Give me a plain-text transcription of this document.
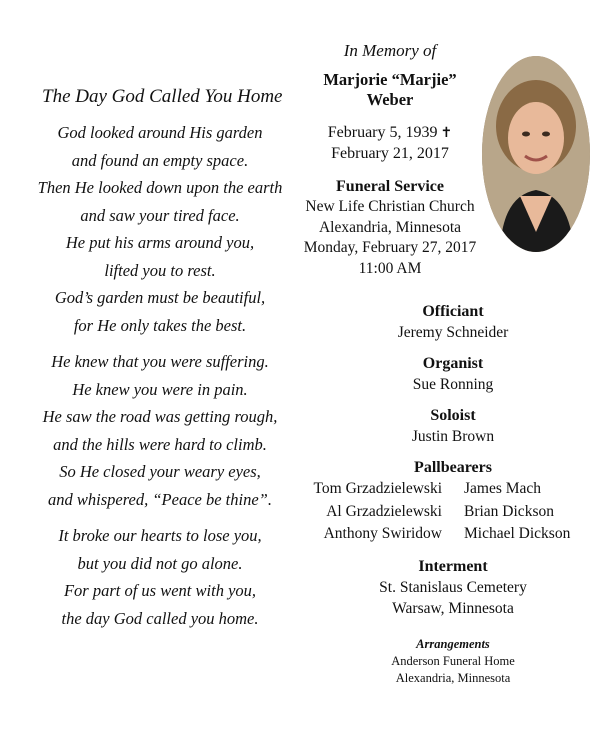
The Day God Called You Home
God looked around His garden
and found an empty space.
Then He looked down upon the earth
and saw your tired face.
He put his arms around you,
lifted you to rest.
God’s garden must be beautiful,
for He only takes the best.
He knew that you were suffering.
He knew you were in pain.
He saw the road was getting rough,
and the hills were hard to climb.
So He closed your weary eyes,
and whispered, “Peace be thine”.
It broke our hearts to lose you,
but you did not go alone.
For part of us went with you,
the day God called you home.
In Memory of
Marjorie “Marjie”
Weber
February 5, 1939 ✝
February 21, 2017
Funeral Service
New Life Christian Church
Alexandria, Minnesota
Monday, February 27, 2017
11:00 AM
Officiant
Jeremy Schneider
Organist
Sue Ronning
Soloist
Justin Brown
Pallbearers
Tom Grzadzielewski	James Mach
Al Grzadzielewski	Brian Dickson
Anthony Swiridow	Michael Dickson
Interment
St. Stanislaus Cemetery
Warsaw, Minnesota
Arrangements
Anderson Funeral Home
Alexandria, Minnesota
